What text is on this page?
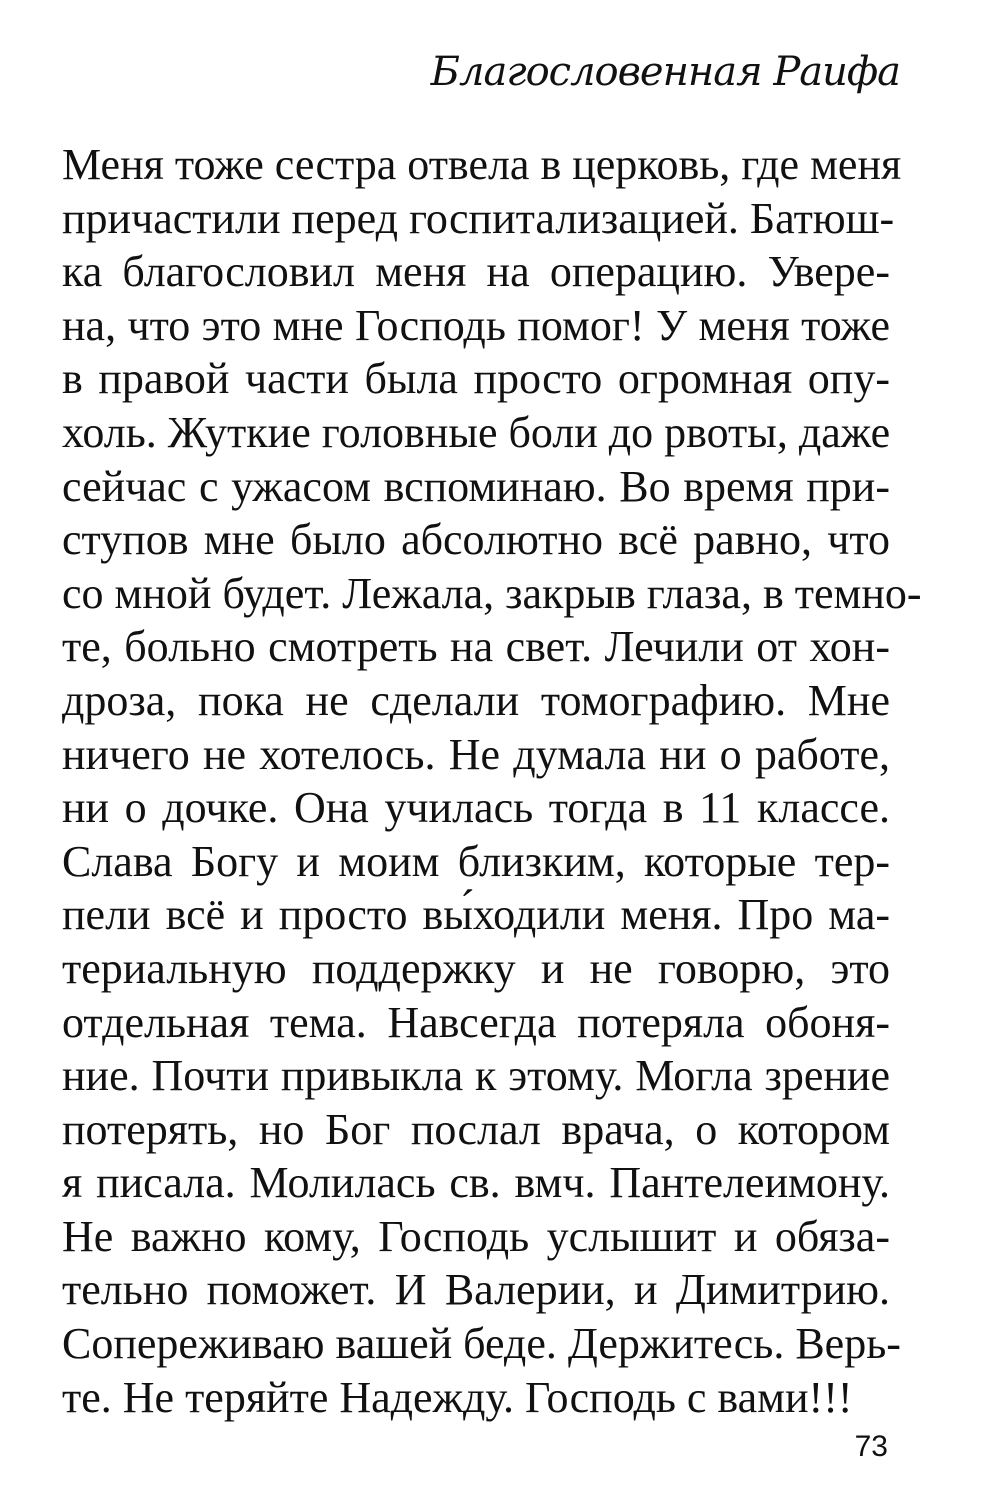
Благословенная Раифа
Меня тоже сестра отвела в церковь, где меня
причастили перед госпитализацией. Батюш-
ка благословил меня на операцию. Увере-
на, что это мне Господь помог! У меня тоже
в правой части была просто огромная опу-
холь. Жуткие головные боли до рвоты, даже
сейчас с ужасом вспоминаю. Во время при-
ступов мне было абсолютно всё равно, что
со мной будет. Лежала, закрыв глаза, в темно-
те, больно смотреть на свет. Лечили от хон-
дроза, пока не сделали томографию. Мне
ничего не хотелось. Не думала ни о работе,
ни о дочке. Она училась тогда в 11 классе.
Слава Богу и моим близким, которые тер-
пели всё и просто вы́ходили меня. Про ма-
териальную поддержку и не говорю, это
отдельная тема. Навсегда потеряла обоня-
ние. Почти привыкла к этому. Могла зрение
потерять, но Бог послал врача, о котором
я писала. Молилась св. вмч. Пантелеимону.
Не важно кому, Господь услышит и обяза-
тельно поможет. И Валерии, и Димитрию.
Сопереживаю вашей беде. Держитесь. Верь-
те. Не теряйте Надежду. Господь с вами!!!
73
